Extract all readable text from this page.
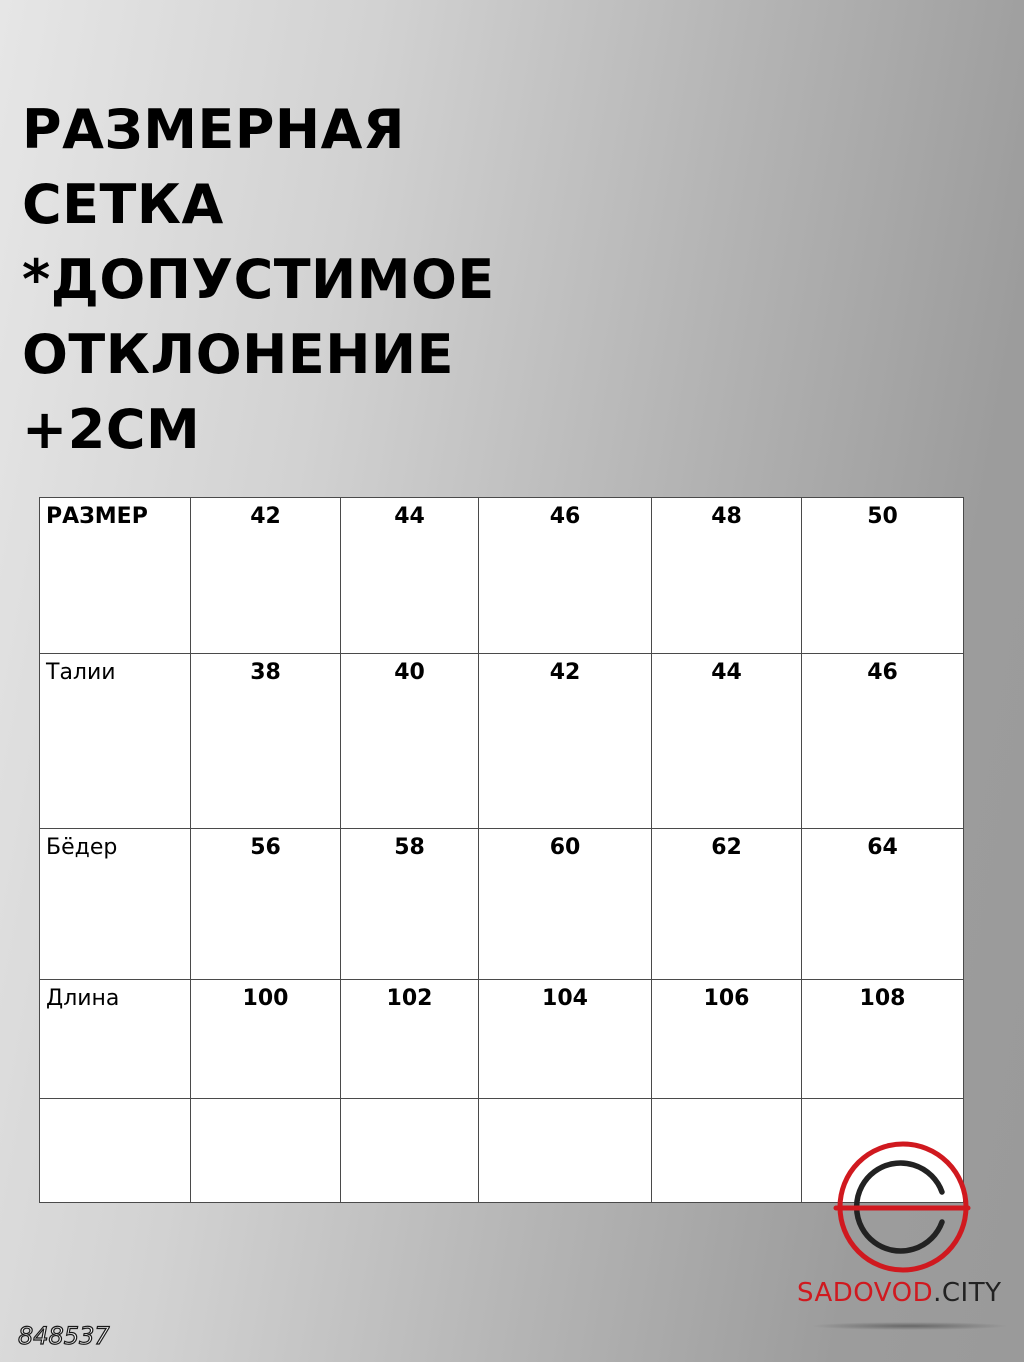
РАЗМЕРНАЯ
СЕТКА
*ДОПУСТИМОЕ
ОТКЛОНЕНИЕ
+2СМ
РАЗМЕР	42	44	46	48	50
Талии	38	40	42	44	46
Бёдер	56	58	60	62	64
Длина	100	102	104	106	108

SADOVOD.CITY
848537
